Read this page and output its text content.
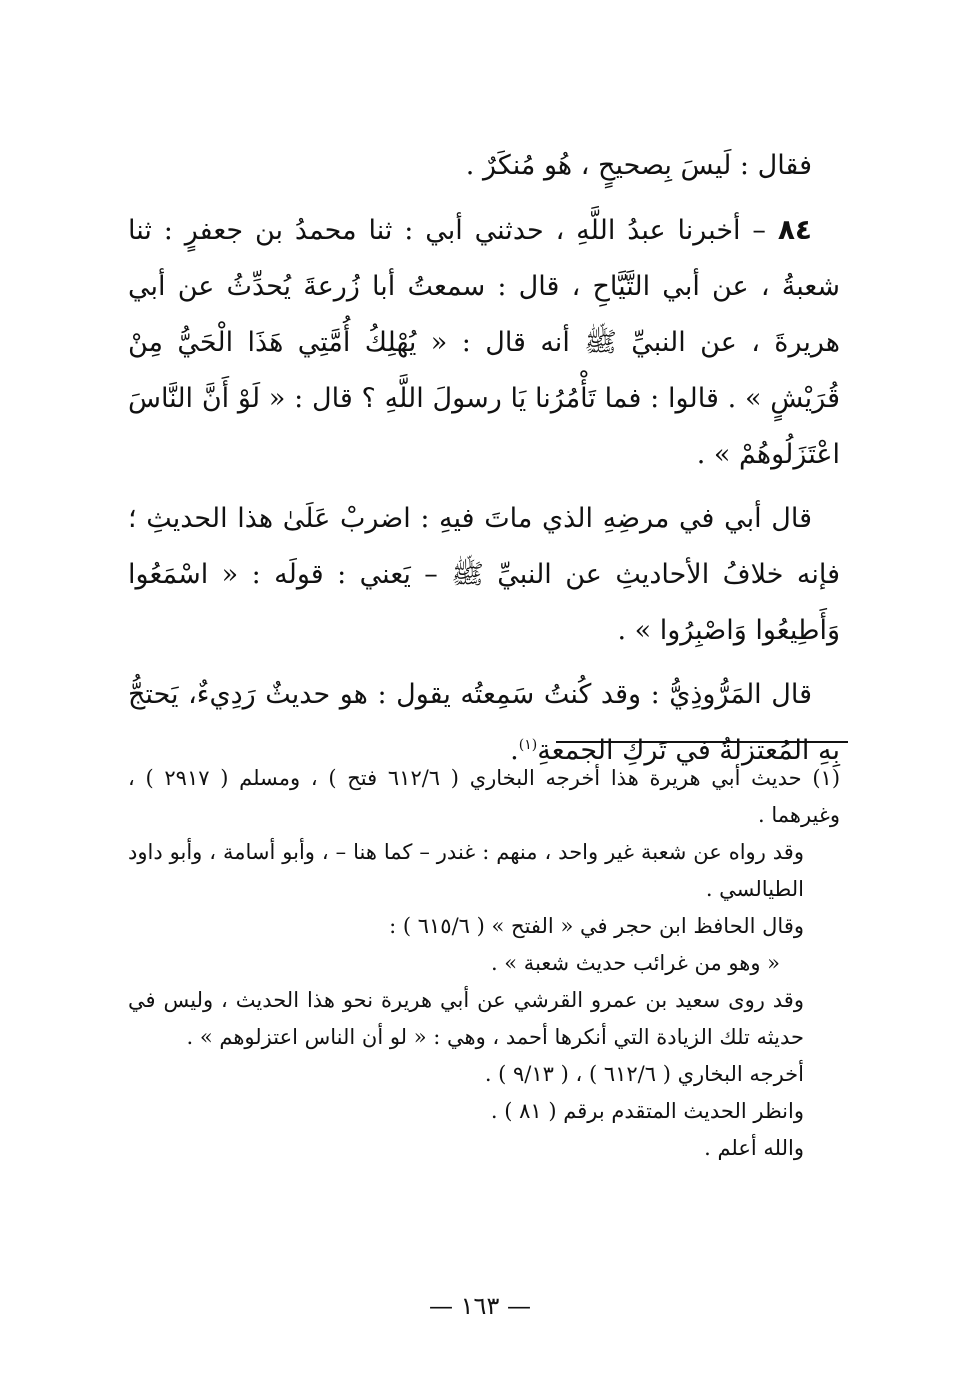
فقال : لَيسَ بِصحيحٍ ، هُو مُنكَرٌ .

٨٤ – أخبرنا عبدُ اللَّهِ ، حدثني أبي : ثنا محمدُ بن جعفرٍ : ثنا شعبةُ ، عن أبي التَّيَّاحِ ، قال : سمعتُ أبا زُرعةَ يُحدِّثُ عن أبي هريرةَ ، عن النبيِّ ﷺ أنه قال : « يُهْلِكُ أُمَّتِي هَذَا الْحَيُّ مِنْ قُرَيْشٍ » . قالوا : فما تَأْمُرُنا يَا رسولَ اللَّهِ ؟ قال : « لَوْ أَنَّ النَّاسَ اعْتَزَلُوهُمْ » .

قال أبي في مرضِهِ الذي ماتَ فيهِ : اضربْ عَلَىٰ هذا الحديثِ ؛ فإنه خلافُ الأحاديثِ عن النبيِّ ﷺ – يَعني : قولَه : « اسْمَعُوا وَأَطِيعُوا وَاصْبِرُوا » .

قال المَرُّوذِيُّ : وقد كُنتُ سَمِعتُه يقول : هو حديثٌ رَدِيءٌ، يَحتجُّ بِهِ المُعتزلةُ في تَركِ الجمعةِ$^{(١)}$.

(١) حديث أبي هريرة هذا أخرجه البخاري ( ٦١٢/٦ فتح ) ، ومسلم ( ٢٩١٧ ) ، وغيرهما .

وقد رواه عن شعبة غير واحد ، منهم : غندر – كما هنا – ، وأبو أسامة ، وأبو داود الطيالسي .

وقال الحافظ ابن حجر في « الفتح » ( ٦١٥/٦ ) :

« وهو من غرائب حديث شعبة » .

وقد روى سعيد بن عمرو القرشي عن أبي هريرة نحو هذا الحديث ، وليس في حديثه تلك الزيادة التي أنكرها أحمد ، وهي : « لو أن الناس اعتزلوهم » .

أخرجه البخاري ( ٦١٢/٦ ) ، ( ٩/١٣ ) .

وانظر الحديث المتقدم برقم ( ٨١ ) .

والله أعلم .

— ١٦٣ —
